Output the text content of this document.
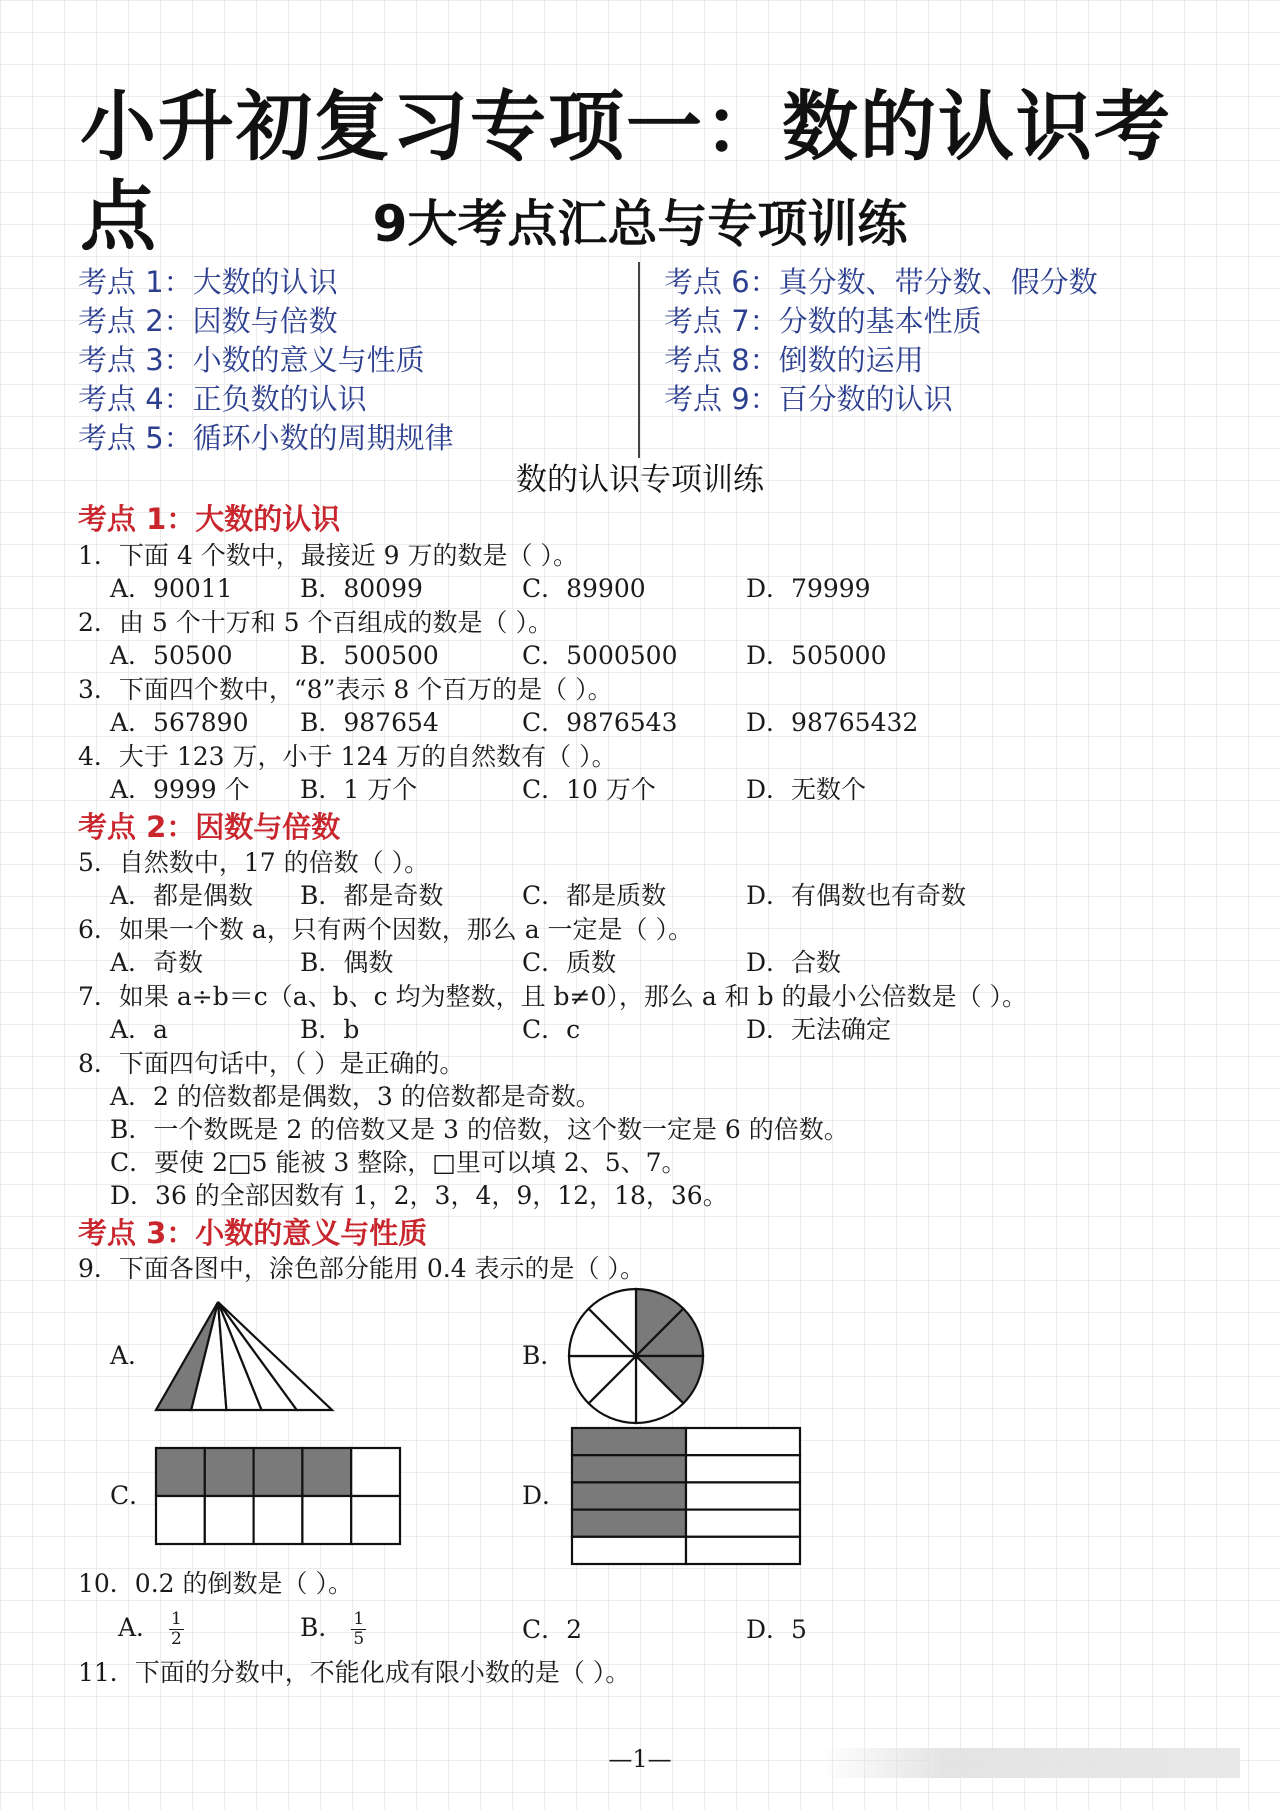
小升初复习专项一：数的认识考点	9大考点汇总与专项训练
考点 1：大数的认识
考点 2：因数与倍数
考点 3：小数的意义与性质
考点 4：正负数的认识
考点 5：循环小数的周期规律
考点 6：真分数、带分数、假分数
考点 7：分数的基本性质
考点 8：倒数的运用
考点 9：百分数的认识
数的认识专项训练
考点 1：大数的认识
1．下面 4 个数中，最接近 9 万的数是（ ）。
A．90011	B．80099	C．89900	D．79999
2．由 5 个十万和 5 个百组成的数是（ ）。
A．50500	B．500500	C．5000500	D．505000
3．下面四个数中，“8”表示 8 个百万的是（ ）。
A．567890 B．987654	C．9876543	D．98765432
4．大于 123 万，小于 124 万的自然数有（ ）。
A．9999 个 B．1 万个	C．10 万个	D．无数个
考点 2：因数与倍数
5．自然数中，17 的倍数（ ）。
A．都是偶数 B．都是奇数	C．都是质数	D．有偶数也有奇数
6．如果一个数 a，只有两个因数，那么 a 一定是（ ）。
A．奇数	B．偶数	C．质数	D．合数
7．如果 a÷b＝c（a、b、c 均为整数，且 b≠0），那么 a 和 b 的最小公倍数是（ ）。
A．a	B．b	C．c	D．无法确定
8．下面四句话中，（ ）是正确的。
A．2 的倍数都是偶数，3 的倍数都是奇数。
B．一个数既是 2 的倍数又是 3 的倍数，这个数一定是 6 的倍数。
C．要使 2□5 能被 3 整除，□里可以填 2、5、7。
D．36 的全部因数有 1，2，3，4，9，12，18，36。
考点 3：小数的意义与性质
9．下面各图中，涂色部分能用 0.4 表示的是（ ）。
A．	B．
C．	D．
10．0.2 的倒数是（ ）。
A． $\frac{1}{2}$	B． $\frac{1}{5}$	C．2	D．5
11．下面的分数中，不能化成有限小数的是（ ）。
—1—
